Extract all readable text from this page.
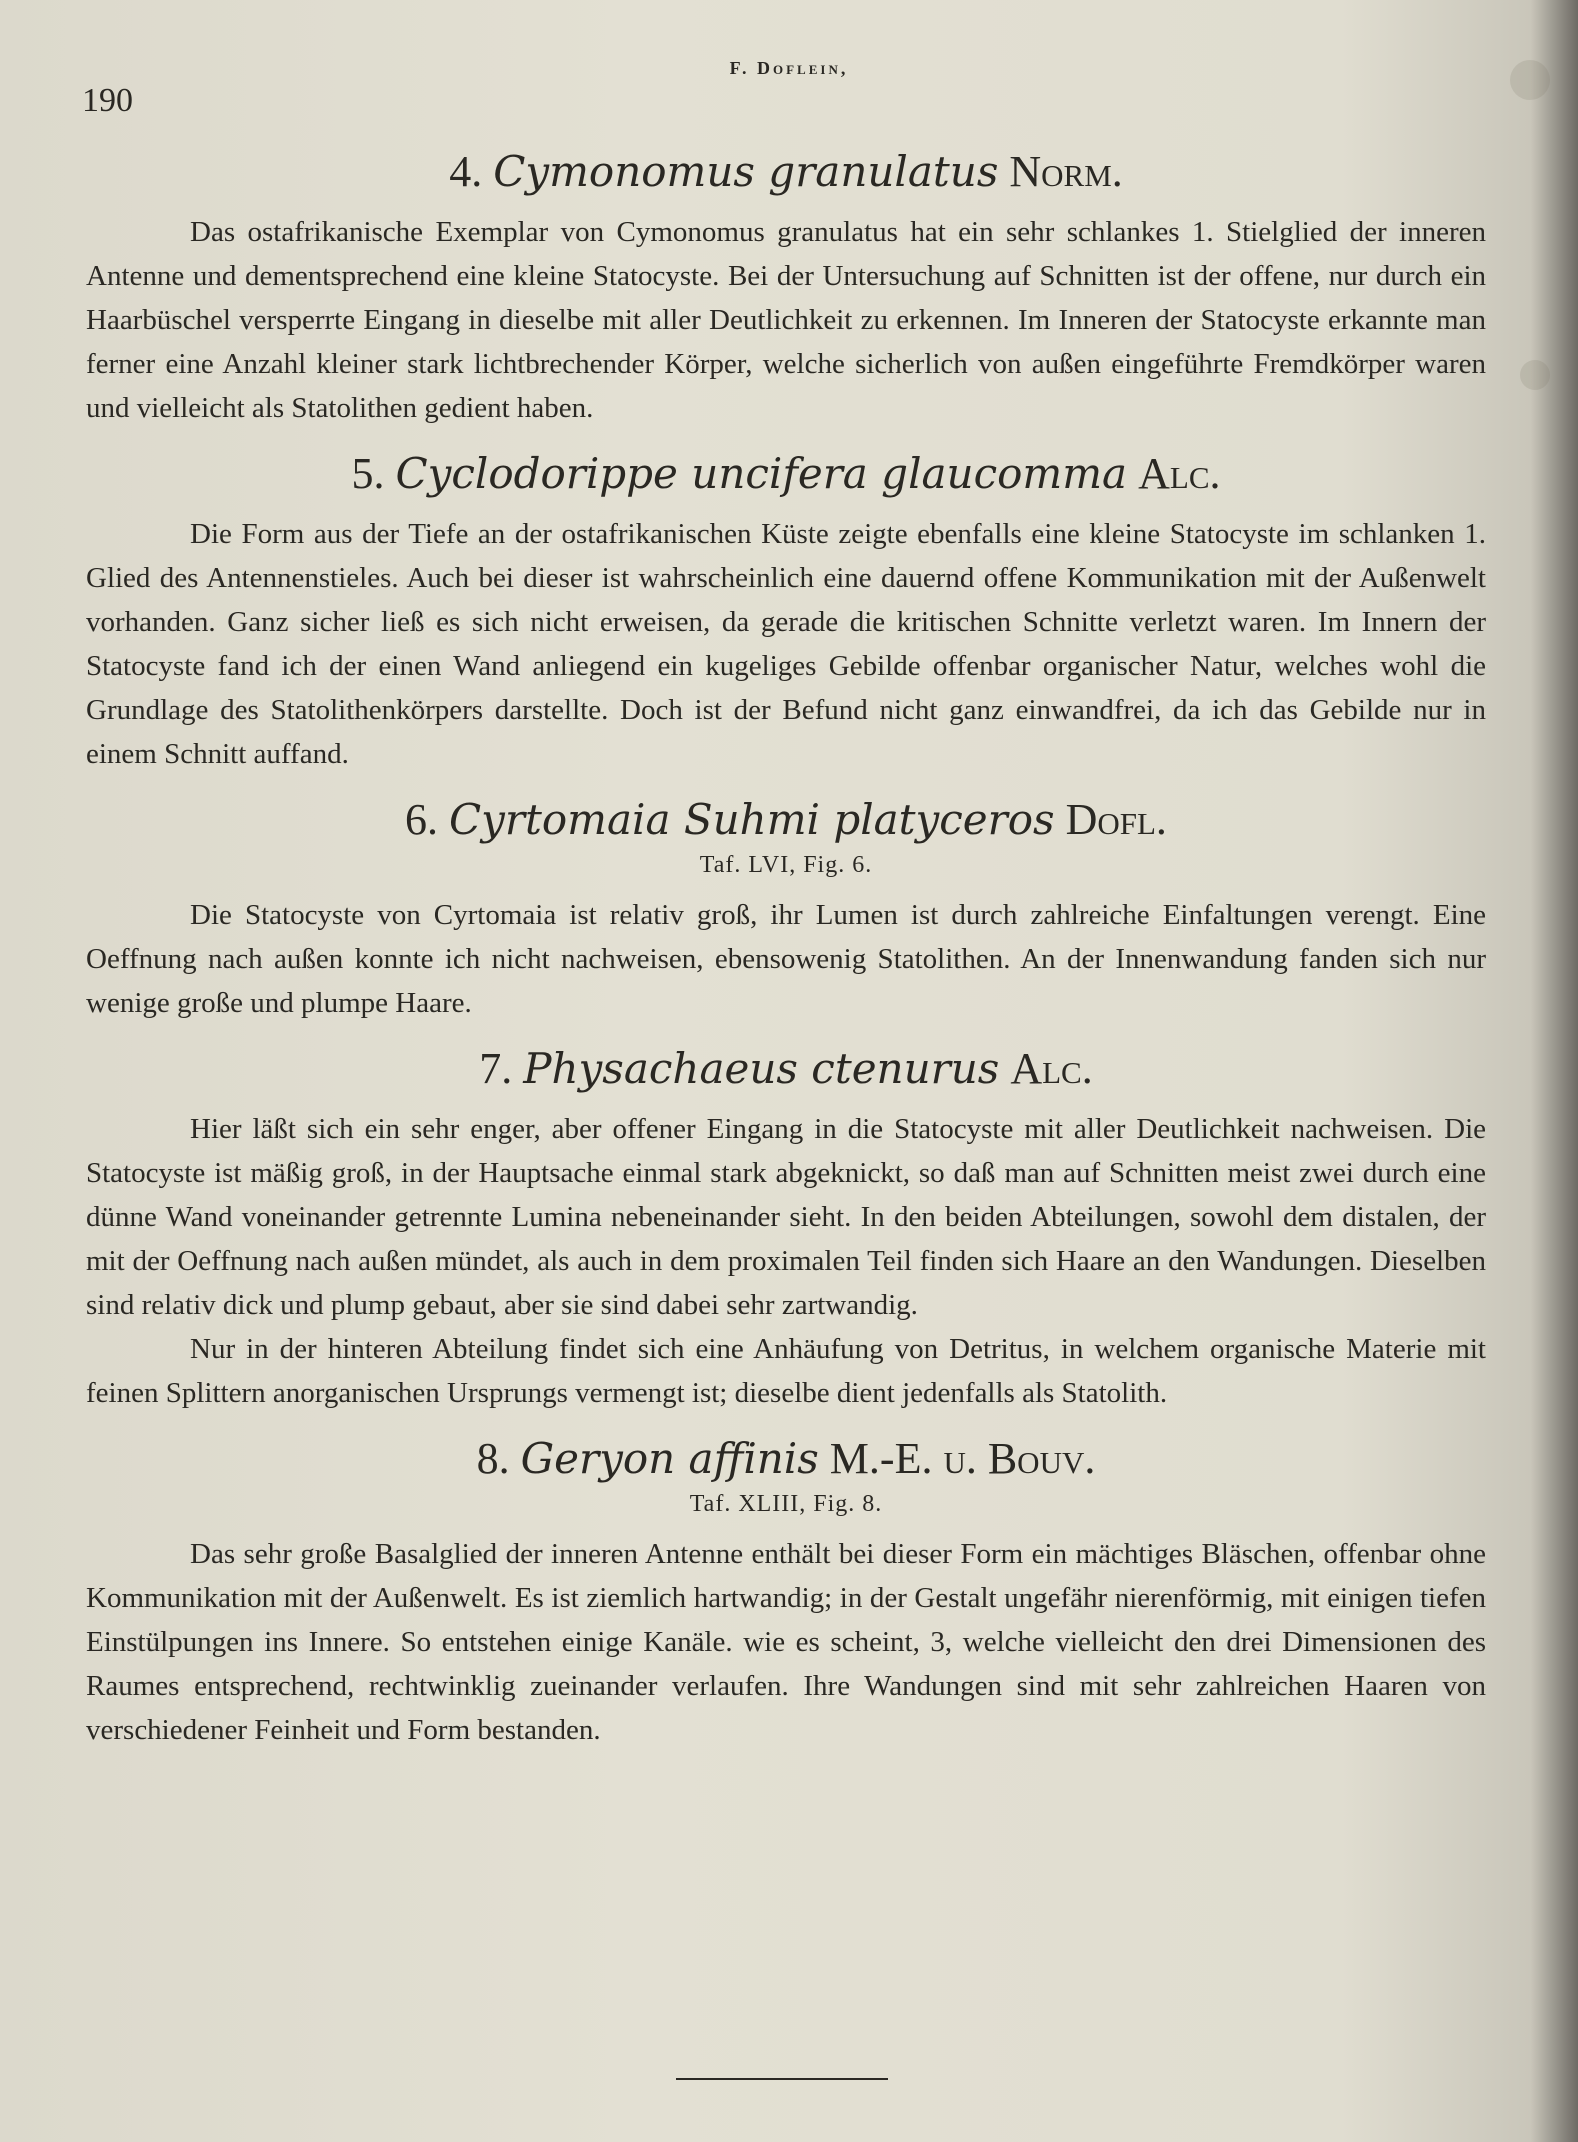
F. Doflein,
190
4. Cymonomus granulatus Norm.

Das ostafrikanische Exemplar von Cymonomus granulatus hat ein sehr schlankes 1. Stielglied der inneren Antenne und dementsprechend eine kleine Statocyste. Bei der Untersuchung auf Schnitten ist der offene, nur durch ein Haarbüschel versperrte Eingang in dieselbe mit aller Deutlichkeit zu erkennen. Im Inneren der Statocyste erkannte man ferner eine Anzahl kleiner stark lichtbrechender Körper, welche sicherlich von außen eingeführte Fremdkörper waren und vielleicht als Statolithen gedient haben.

5. Cyclodorippe uncifera glaucomma Alc.

Die Form aus der Tiefe an der ostafrikanischen Küste zeigte ebenfalls eine kleine Statocyste im schlanken 1. Glied des Antennenstieles. Auch bei dieser ist wahrscheinlich eine dauernd offene Kommunikation mit der Außenwelt vorhanden. Ganz sicher ließ es sich nicht erweisen, da gerade die kritischen Schnitte verletzt waren. Im Innern der Statocyste fand ich der einen Wand anliegend ein kugeliges Gebilde offenbar organischer Natur, welches wohl die Grundlage des Statolithenkörpers darstellte. Doch ist der Befund nicht ganz einwandfrei, da ich das Gebilde nur in einem Schnitt auffand.

6. Cyrtomaia Suhmi platyceros Dofl.
Taf. LVI, Fig. 6.

Die Statocyste von Cyrtomaia ist relativ groß, ihr Lumen ist durch zahlreiche Einfaltungen verengt. Eine Oeffnung nach außen konnte ich nicht nachweisen, ebensowenig Statolithen. An der Innenwandung fanden sich nur wenige große und plumpe Haare.

7. Physachaeus ctenurus Alc.

Hier läßt sich ein sehr enger, aber offener Eingang in die Statocyste mit aller Deutlichkeit nachweisen. Die Statocyste ist mäßig groß, in der Hauptsache einmal stark abgeknickt, so daß man auf Schnitten meist zwei durch eine dünne Wand voneinander getrennte Lumina nebeneinander sieht. In den beiden Abteilungen, sowohl dem distalen, der mit der Oeffnung nach außen mündet, als auch in dem proximalen Teil finden sich Haare an den Wandungen. Dieselben sind relativ dick und plump gebaut, aber sie sind dabei sehr zartwandig.

Nur in der hinteren Abteilung findet sich eine Anhäufung von Detritus, in welchem organische Materie mit feinen Splittern anorganischen Ursprungs vermengt ist; dieselbe dient jedenfalls als Statolith.

8. Geryon affinis M.-E. u. Bouv.
Taf. XLIII, Fig. 8.

Das sehr große Basalglied der inneren Antenne enthält bei dieser Form ein mächtiges Bläschen, offenbar ohne Kommunikation mit der Außenwelt. Es ist ziemlich hartwandig; in der Gestalt ungefähr nierenförmig, mit einigen tiefen Einstülpungen ins Innere. So entstehen einige Kanäle. wie es scheint, 3, welche vielleicht den drei Dimensionen des Raumes entsprechend, rechtwinklig zueinander verlaufen. Ihre Wandungen sind mit sehr zahlreichen Haaren von verschiedener Feinheit und Form bestanden.
